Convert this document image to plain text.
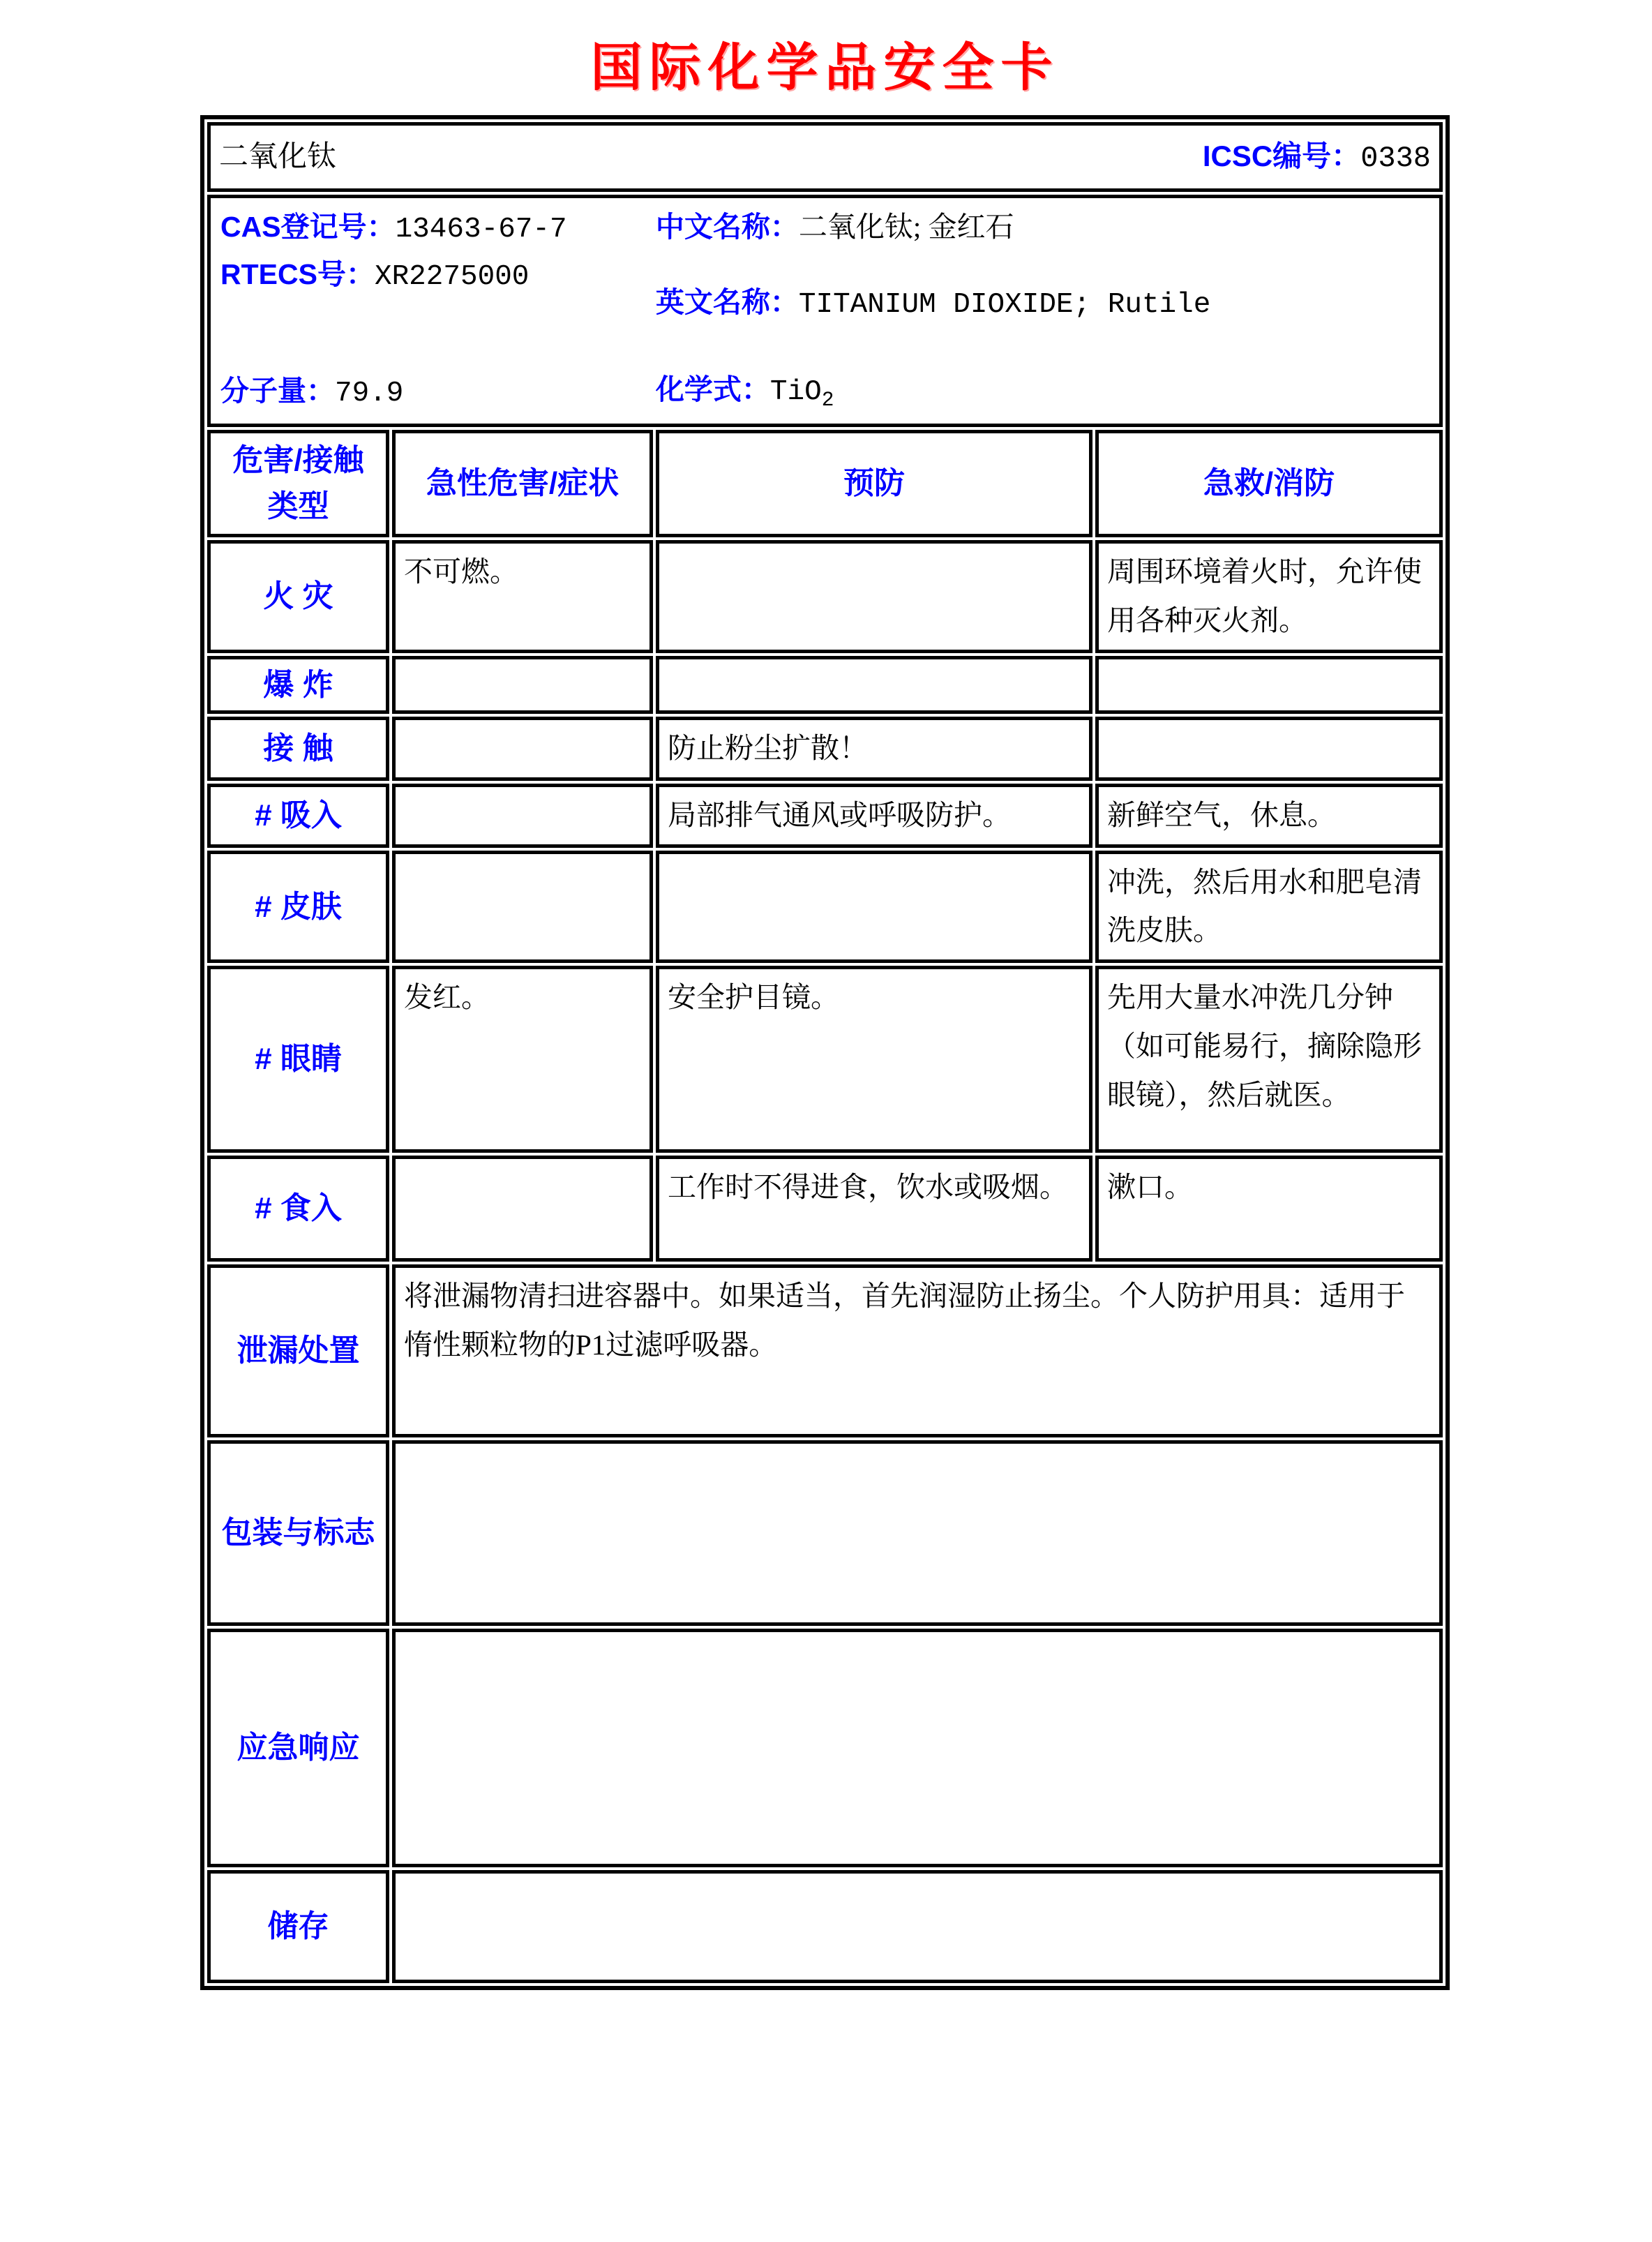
国际化学品安全卡
二氧化钛 ICSC编号：0338			

CAS登记号：13463-67-7
RTECS号：XR2275000
分子量：79.9
中文名称：二氧化钛; 金红石
英文名称：TITANIUM DIOXIDE; Rutile
化学式：TiO$_2$

危害/接触类型	急性危害/症状	预防	急救/消防
火 灾	不可燃。		周围环境着火时，允许使用各种灭火剂。
爆 炸			
接 触		防止粉尘扩散！	
# 吸入		局部排气通风或呼吸防护。	新鲜空气，休息。
# 皮肤			冲洗，然后用水和肥皂清洗皮肤。
# 眼睛	发红。	安全护目镜。	先用大量水冲洗几分钟（如可能易行，摘除隐形眼镜），然后就医。
# 食入		工作时不得进食，饮水或吸烟。	漱口。
泄漏处置	将泄漏物清扫进容器中。如果适当，首先润湿防止扬尘。个人防护用具：适用于惰性颗粒物的P1过滤呼吸器。		
包装与标志			
应急响应			
储存			
